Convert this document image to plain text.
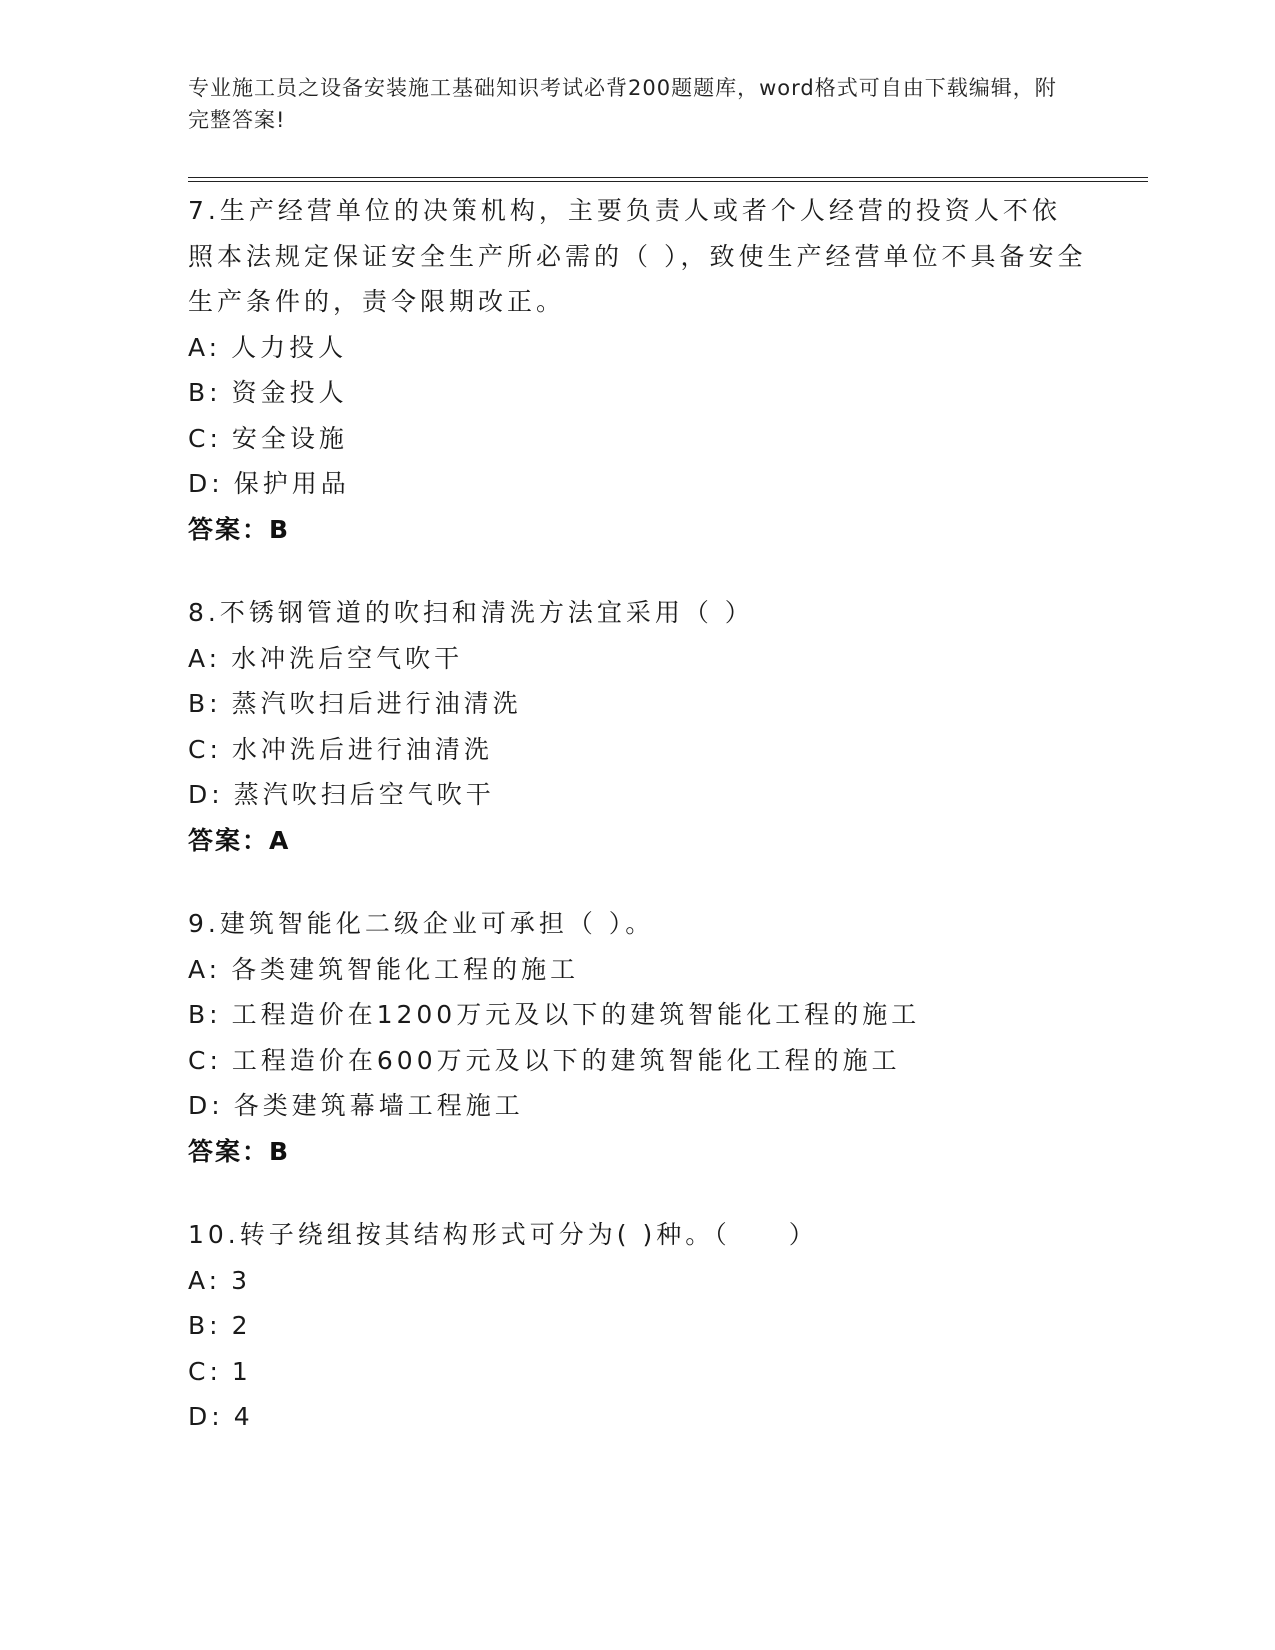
专业施工员之设备安装施工基础知识考试必背200题题库，word格式可自由下载编辑，附完整答案!

7.生产经营单位的决策机构，主要负责人或者个人经营的投资人不依照本法规定保证安全生产所必需的（ ），致使生产经营单位不具备安全生产条件的，责令限期改正。

A: 人力投人

B: 资金投人

C: 安全设施

D: 保护用品

答案：B

8.不锈钢管道的吹扫和清洗方法宜采用（ ）

A: 水冲洗后空气吹干

B: 蒸汽吹扫后进行油清洗

C: 水冲洗后进行油清洗

D: 蒸汽吹扫后空气吹干

答案：A

9.建筑智能化二级企业可承担（ ）。

A: 各类建筑智能化工程的施工

B: 工程造价在1200万元及以下的建筑智能化工程的施工

C: 工程造价在600万元及以下的建筑智能化工程的施工

D: 各类建筑幕墙工程施工

答案：B

10.转子绕组按其结构形式可分为( )种。（　　）

A: 3

B: 2

C: 1

D: 4
